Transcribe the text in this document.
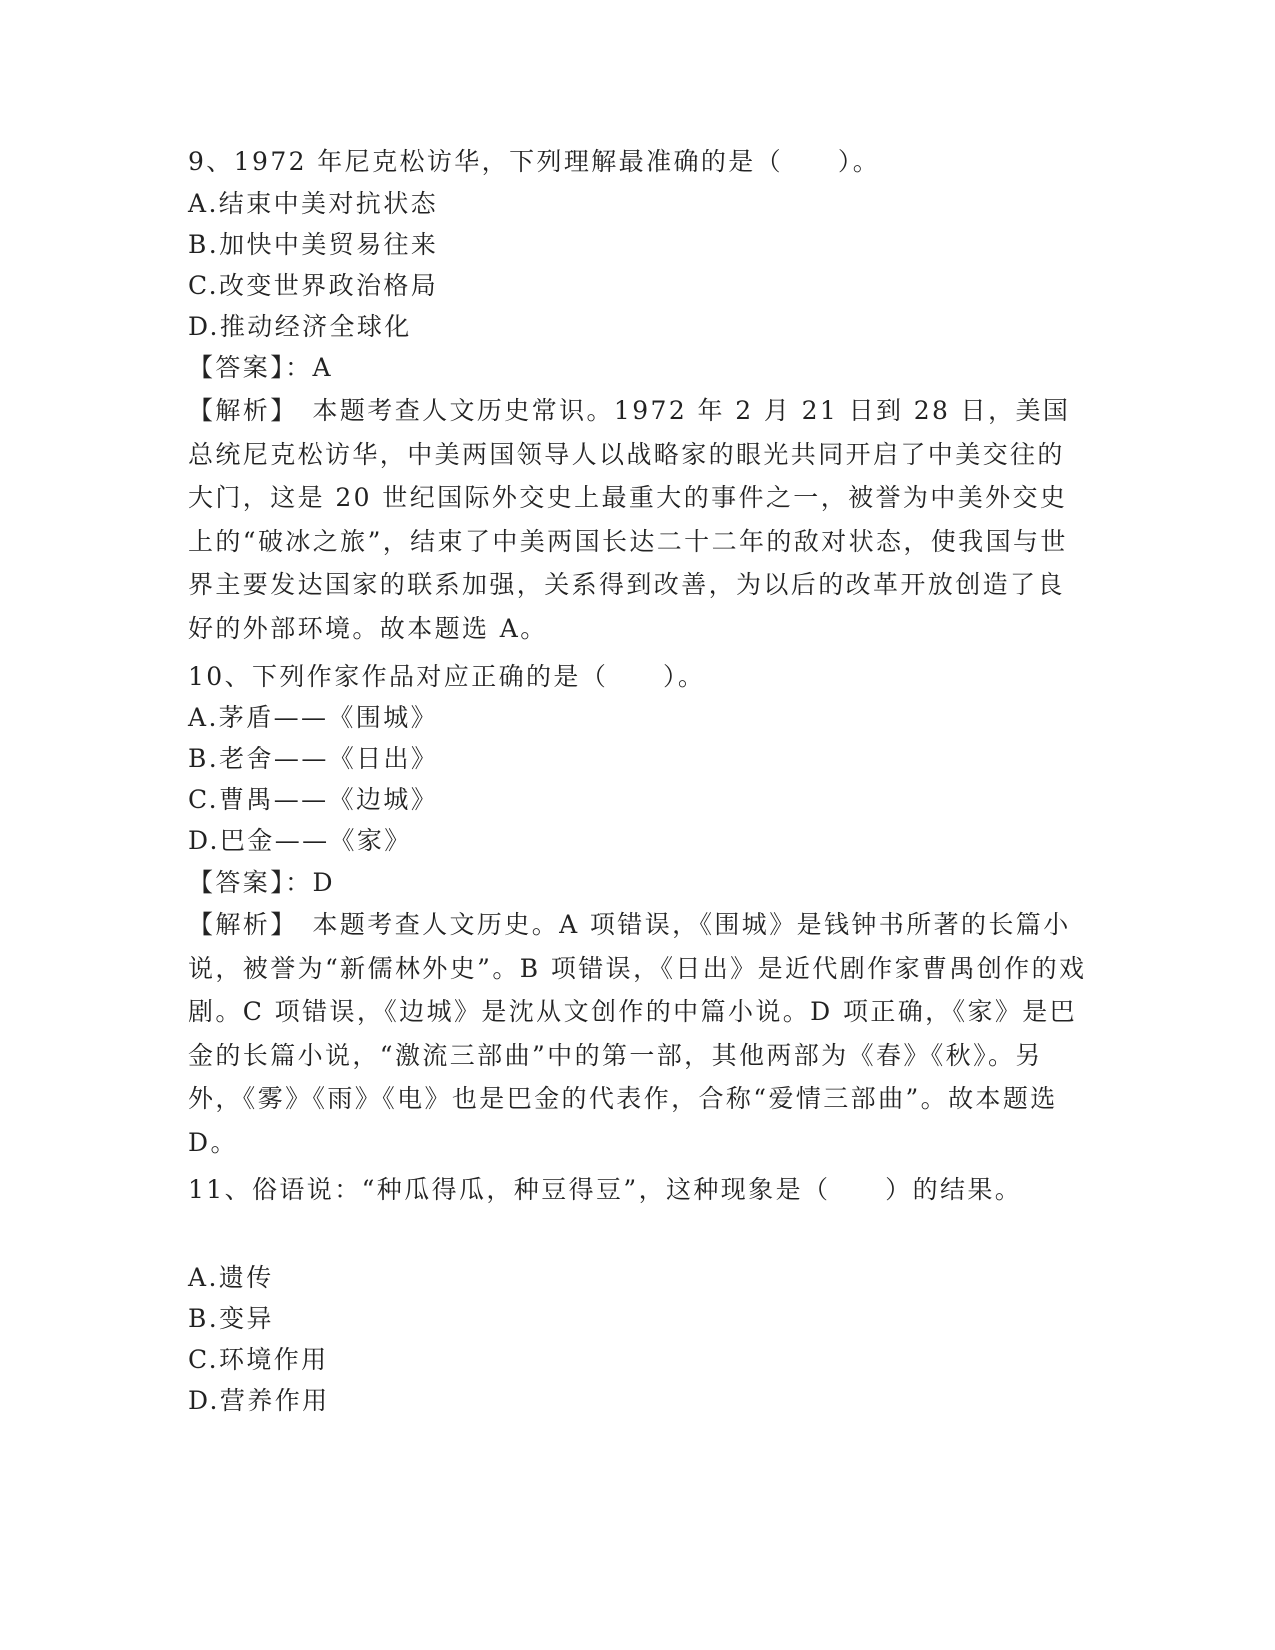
9、1972 年尼克松访华，下列理解最准确的是（　　）。
A.结束中美对抗状态
B.加快中美贸易往来
C.改变世界政治格局
D.推动经济全球化
【答案】：A
【解析】　本题考查人文历史常识。1972 年 2 月 21 日到 28 日，美国总统尼克松访华，中美两国领导人以战略家的眼光共同开启了中美交往的大门，这是 20 世纪国际外交史上最重大的事件之一，被誉为中美外交史上的“破冰之旅”，结束了中美两国长达二十二年的敌对状态，使我国与世界主要发达国家的联系加强，关系得到改善，为以后的改革开放创造了良好的外部环境。故本题选 A。
10、下列作家作品对应正确的是（　　）。
A.茅盾——《围城》
B.老舍——《日出》
C.曹禺——《边城》
D.巴金——《家》
【答案】：D
【解析】　本题考查人文历史。A 项错误，《围城》是钱钟书所著的长篇小说，被誉为“新儒林外史”。B 项错误，《日出》是近代剧作家曹禺创作的戏剧。C 项错误，《边城》是沈从文创作的中篇小说。D 项正确，《家》是巴金的长篇小说，“激流三部曲”中的第一部，其他两部为《春》《秋》。另外，《雾》《雨》《电》也是巴金的代表作，合称“爱情三部曲”。故本题选 D。
11、俗语说：“种瓜得瓜，种豆得豆”，这种现象是（　　）的结果。
A.遗传
B.变异
C.环境作用
D.营养作用
